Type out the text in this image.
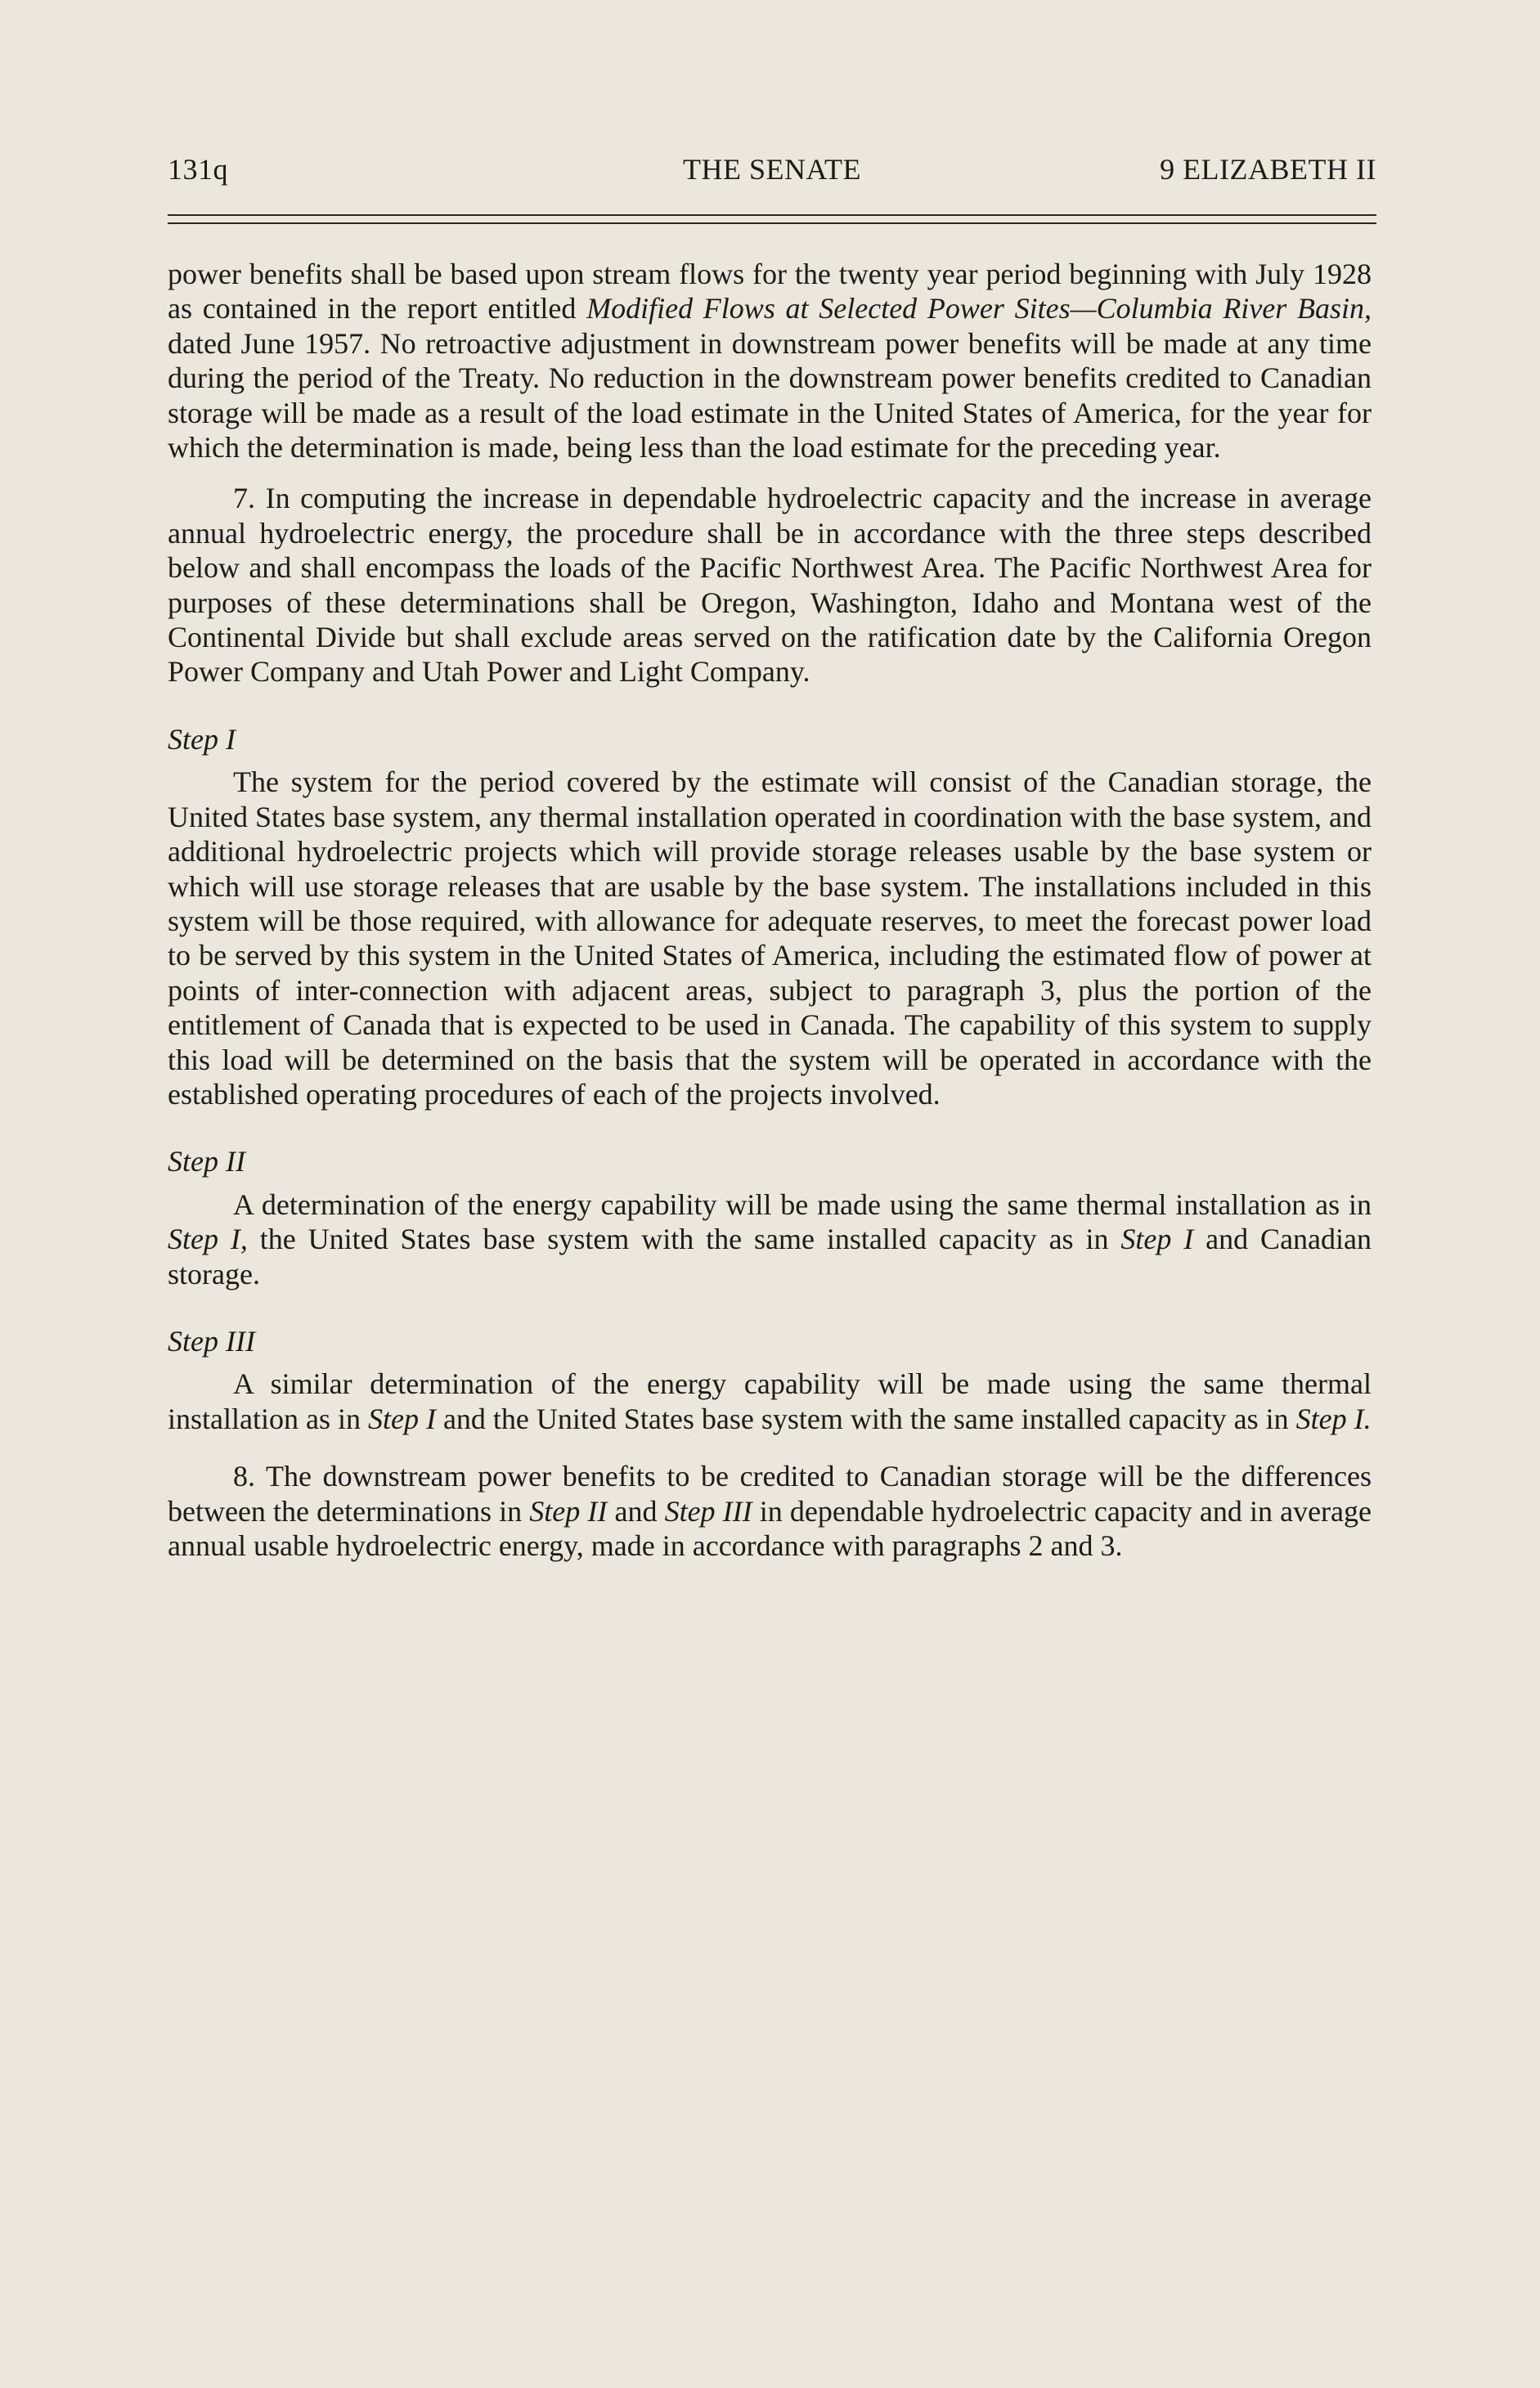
131q	THE SENATE	9 ELIZABETH II

power benefits shall be based upon stream flows for the twenty year period beginning with July 1928 as contained in the report entitled Modified Flows at Selected Power Sites—Columbia River Basin, dated June 1957. No retroactive adjustment in downstream power benefits will be made at any time during the period of the Treaty. No reduction in the downstream power benefits credited to Canadian storage will be made as a result of the load estimate in the United States of America, for the year for which the determination is made, being less than the load estimate for the preceding year.

7. In computing the increase in dependable hydroelectric capacity and the increase in average annual hydroelectric energy, the procedure shall be in accordance with the three steps described below and shall encompass the loads of the Pacific Northwest Area. The Pacific Northwest Area for purposes of these determinations shall be Oregon, Washington, Idaho and Montana west of the Continental Divide but shall exclude areas served on the ratification date by the California Oregon Power Company and Utah Power and Light Company.

Step I

The system for the period covered by the estimate will consist of the Canadian storage, the United States base system, any thermal installation operated in coordination with the base system, and additional hydroelectric projects which will provide storage releases usable by the base system or which will use storage releases that are usable by the base system. The installations included in this system will be those required, with allowance for adequate reserves, to meet the forecast power load to be served by this system in the United States of America, including the estimated flow of power at points of inter-connection with adjacent areas, subject to paragraph 3, plus the portion of the entitlement of Canada that is expected to be used in Canada. The capability of this system to supply this load will be determined on the basis that the system will be operated in accordance with the established operating procedures of each of the projects involved.

Step II

A determination of the energy capability will be made using the same thermal installation as in Step I, the United States base system with the same installed capacity as in Step I and Canadian storage.

Step III

A similar determination of the energy capability will be made using the same thermal installation as in Step I and the United States base system with the same installed capacity as in Step I.

8. The downstream power benefits to be credited to Canadian storage will be the differences between the determinations in Step II and Step III in dependable hydroelectric capacity and in average annual usable hydroelectric energy, made in accordance with paragraphs 2 and 3.
